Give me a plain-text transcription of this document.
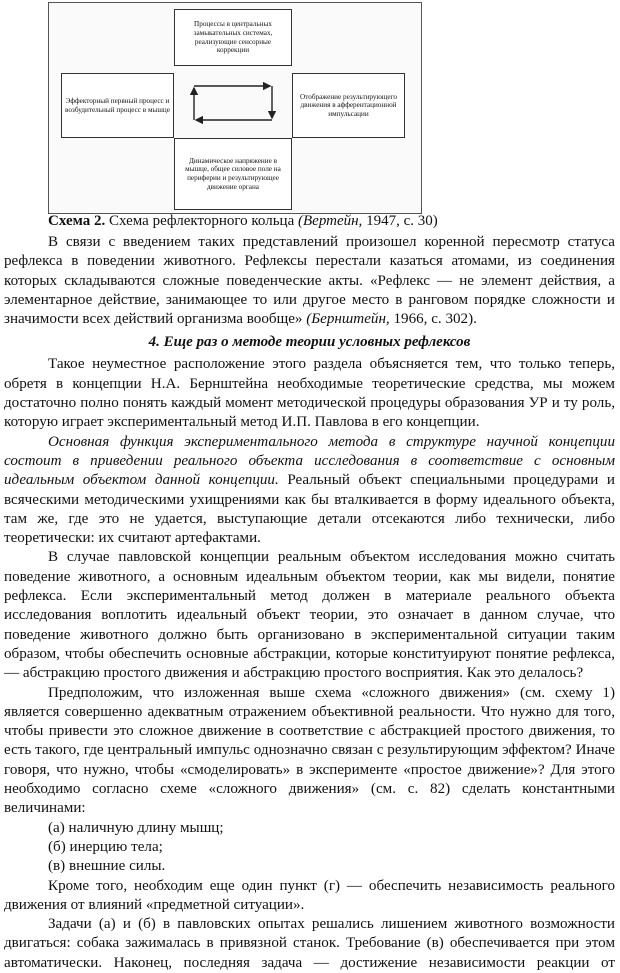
Процессы в центральных замыкательных системах, реализующие сенсорные коррекции
Эффекторный первный процесс и возбудительный процесс в мышце
Отображение результирующего движения в афферентационной импульсации
Динамическое напряжение в мышце, общее силовое поле на периферии и результирующее движение органа
Схема 2. Схема рефлекторного кольца (Вертейн, 1947, с. 30)

В связи с введением таких представлений произошел коренной пересмотр статуса рефлекса в поведении животного. Рефлексы перестали казаться атомами, из соединения которых складываются сложные поведенческие акты. «Рефлекс — не элемент действия, а элементарное действие, занимающее то или другое место в ранговом порядке сложности и значимости всех действий организма вообще» (Бернштейн, 1966, с. 302).

4. Еще раз о методе теории условных рефлексов

Такое неуместное расположение этого раздела объясняется тем, что только теперь, обретя в концепции Н.А. Бернштейна необходимые теоретические средства, мы можем достаточно полно понять каждый момент методической процедуры образования УР и ту роль, которую играет экспериментальный метод И.П. Павлова в его концепции.

Основная функция экспериментального метода в структуре научной концепции состоит в приведении реального объекта исследования в соответствие с основным идеальным объектом данной концепции. Реальный объект специальными процедурами и всяческими методическими ухищрениями как бы вталкивается в форму идеального объекта, там же, где это не удается, выступающие детали отсекаются либо технически, либо теоретически: их считают артефактами.

В случае павловской концепции реальным объектом исследования можно считать поведение животного, а основным идеальным объектом теории, как мы видели, понятие рефлекса. Если экспериментальный метод должен в материале реального объекта исследования воплотить идеальный объект теории, это означает в данном случае, что поведение животного должно быть организовано в экспериментальной ситуации таким образом, чтобы обеспечить основные абстракции, которые конституируют понятие рефлекса, — абстракцию простого движения и абстракцию простого восприятия. Как это делалось?

Предположим, что изложенная выше схема «сложного движения» (см. схему 1) является совершенно адекватным отражением объективной реальности. Что нужно для того, чтобы привести это сложное движение в соответствие с абстракцией простого движения, то есть такого, где центральный импульс однозначно связан с результирующим эффектом? Иначе говоря, что нужно, чтобы «смоделировать» в эксперименте «простое движение»? Для этого необходимо согласно схеме «сложного движения» (см. с. 82) сделать константными величинами:

(а) наличную длину мышц;

(б) инерцию тела;

(в) внешние силы.

Кроме того, необходим еще один пункт (г) — обеспечить независимость реального движения от влияний «предметной ситуации».

Задачи (а) и (б) в павловских опытах решались лишением животного возможности двигаться: собака зажималась в привязной станок. Требование (в) обеспечивается при этом автоматически. Наконец, последняя задача — достижение независимости реакции от
